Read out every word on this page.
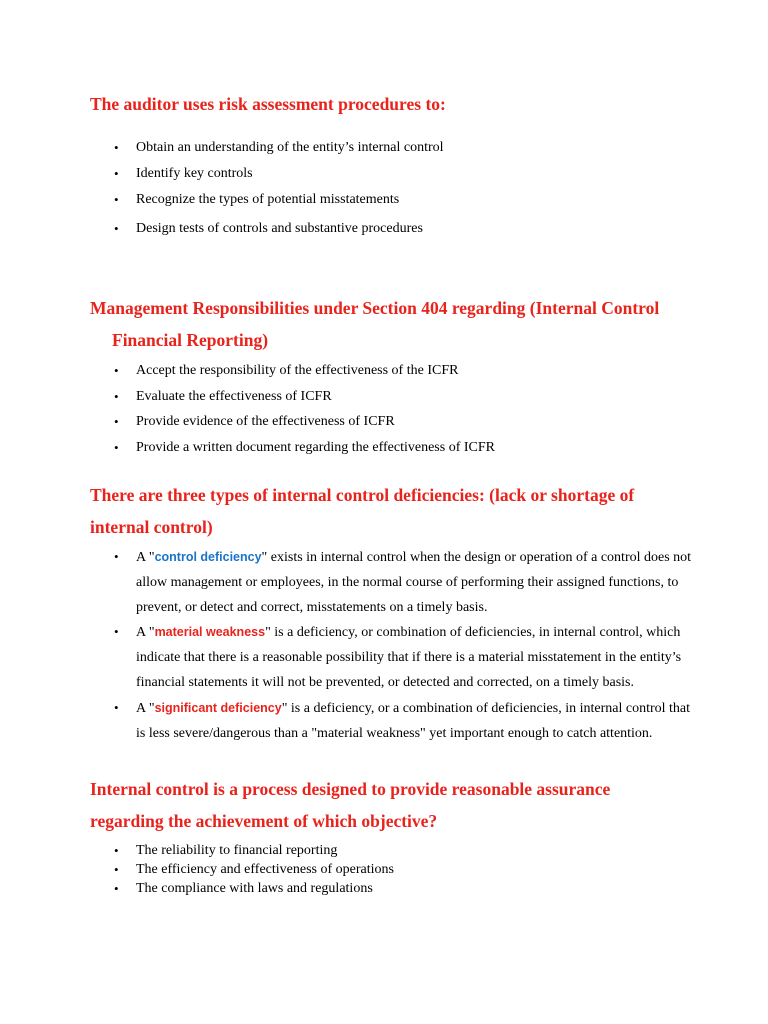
The auditor uses risk assessment procedures to:
• Obtain an understanding of the entity’s internal control
• Identify key controls
• Recognize the types of potential misstatements
• Design tests of controls and substantive procedures
Management Responsibilities under Section 404 regarding (Internal Control Financial Reporting)
• Accept the responsibility of the effectiveness of the ICFR
• Evaluate the effectiveness of ICFR
• Provide evidence of the effectiveness of ICFR
• Provide a written document regarding the effectiveness of ICFR
There are three types of internal control deficiencies: (lack or shortage of internal control)
• A "control deficiency" exists in internal control when the design or operation of a control does not allow management or employees, in the normal course of performing their assigned functions, to prevent, or detect and correct, misstatements on a timely basis.
• A "material weakness" is a deficiency, or combination of deficiencies, in internal control, which indicate that there is a reasonable possibility that if there is a material misstatement in the entity’s financial statements it will not be prevented, or detected and corrected, on a timely basis.
• A "significant deficiency" is a deficiency, or a combination of deficiencies, in internal control that is less severe/dangerous than a "material weakness" yet important enough to catch attention.
Internal control is a process designed to provide reasonable assurance regarding the achievement of which objective?
• The reliability to financial reporting
• The efficiency and effectiveness of operations
• The compliance with laws and regulations
